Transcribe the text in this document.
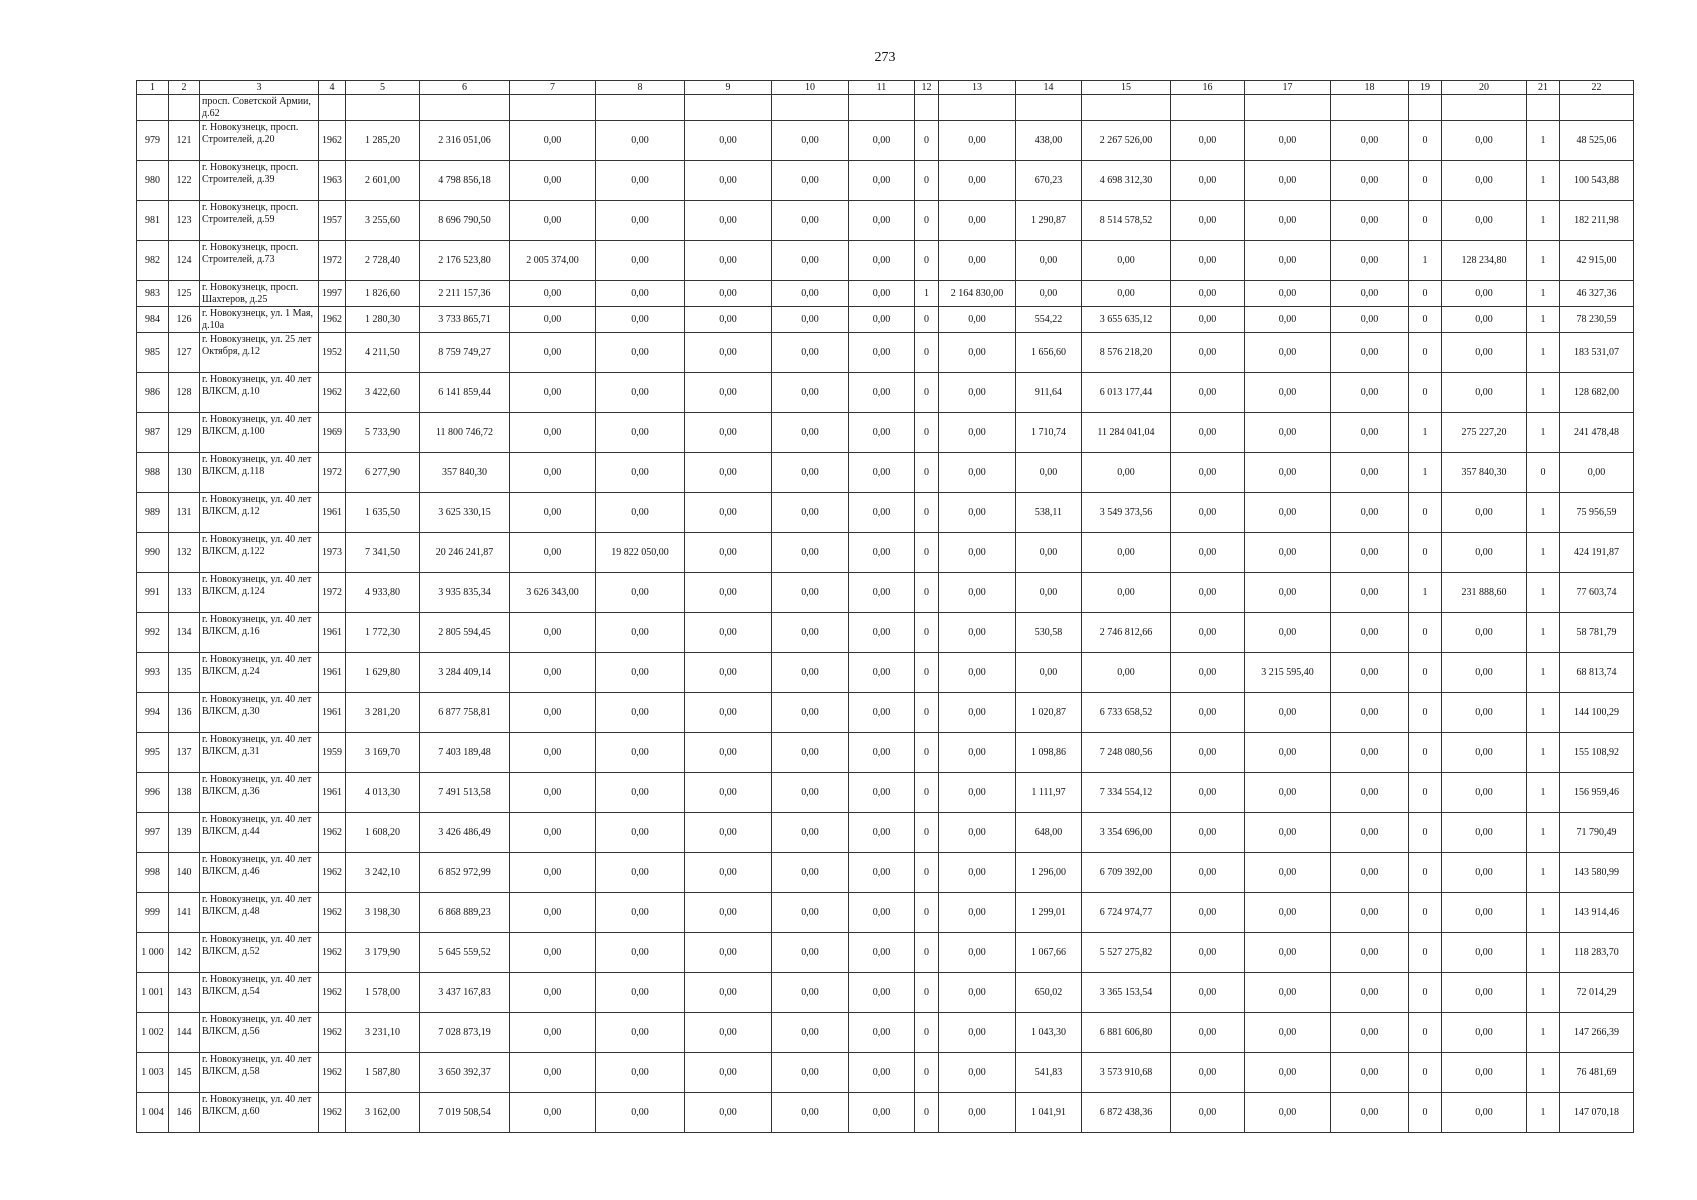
273
1	2	3	4	5	6	7	8	9	10	11	12	13	14	15	16	17	18	19	20	21	22
		просп. Советской Армии, д.62																			
979	121	г. Новокузнецк, просп. Строителей, д.20	1962	1 285,20	2 316 051,06	0,00	0,00	0,00	0,00	0,00	0	0,00	438,00	2 267 526,00	0,00	0,00	0,00	0	0,00	1	48 525,06
980	122	г. Новокузнецк, просп. Строителей, д.39	1963	2 601,00	4 798 856,18	0,00	0,00	0,00	0,00	0,00	0	0,00	670,23	4 698 312,30	0,00	0,00	0,00	0	0,00	1	100 543,88
981	123	г. Новокузнецк, просп. Строителей, д.59	1957	3 255,60	8 696 790,50	0,00	0,00	0,00	0,00	0,00	0	0,00	1 290,87	8 514 578,52	0,00	0,00	0,00	0	0,00	1	182 211,98
982	124	г. Новокузнецк, просп. Строителей, д.73	1972	2 728,40	2 176 523,80	2 005 374,00	0,00	0,00	0,00	0,00	0	0,00	0,00	0,00	0,00	0,00	0,00	1	128 234,80	1	42 915,00
983	125	г. Новокузнецк, просп. Шахтеров, д.25	1997	1 826,60	2 211 157,36	0,00	0,00	0,00	0,00	0,00	1	2 164 830,00	0,00	0,00	0,00	0,00	0,00	0	0,00	1	46 327,36
984	126	г. Новокузнецк, ул. 1 Мая, д.10а	1962	1 280,30	3 733 865,71	0,00	0,00	0,00	0,00	0,00	0	0,00	554,22	3 655 635,12	0,00	0,00	0,00	0	0,00	1	78 230,59
985	127	г. Новокузнецк, ул. 25 лет Октября, д.12	1952	4 211,50	8 759 749,27	0,00	0,00	0,00	0,00	0,00	0	0,00	1 656,60	8 576 218,20	0,00	0,00	0,00	0	0,00	1	183 531,07
986	128	г. Новокузнецк, ул. 40 лет ВЛКСМ, д.10	1962	3 422,60	6 141 859,44	0,00	0,00	0,00	0,00	0,00	0	0,00	911,64	6 013 177,44	0,00	0,00	0,00	0	0,00	1	128 682,00
987	129	г. Новокузнецк, ул. 40 лет ВЛКСМ, д.100	1969	5 733,90	11 800 746,72	0,00	0,00	0,00	0,00	0,00	0	0,00	1 710,74	11 284 041,04	0,00	0,00	0,00	1	275 227,20	1	241 478,48
988	130	г. Новокузнецк, ул. 40 лет ВЛКСМ, д.118	1972	6 277,90	357 840,30	0,00	0,00	0,00	0,00	0,00	0	0,00	0,00	0,00	0,00	0,00	0,00	1	357 840,30	0	0,00
989	131	г. Новокузнецк, ул. 40 лет ВЛКСМ, д.12	1961	1 635,50	3 625 330,15	0,00	0,00	0,00	0,00	0,00	0	0,00	538,11	3 549 373,56	0,00	0,00	0,00	0	0,00	1	75 956,59
990	132	г. Новокузнецк, ул. 40 лет ВЛКСМ, д.122	1973	7 341,50	20 246 241,87	0,00	19 822 050,00	0,00	0,00	0,00	0	0,00	0,00	0,00	0,00	0,00	0,00	0	0,00	1	424 191,87
991	133	г. Новокузнецк, ул. 40 лет ВЛКСМ, д.124	1972	4 933,80	3 935 835,34	3 626 343,00	0,00	0,00	0,00	0,00	0	0,00	0,00	0,00	0,00	0,00	0,00	1	231 888,60	1	77 603,74
992	134	г. Новокузнецк, ул. 40 лет ВЛКСМ, д.16	1961	1 772,30	2 805 594,45	0,00	0,00	0,00	0,00	0,00	0	0,00	530,58	2 746 812,66	0,00	0,00	0,00	0	0,00	1	58 781,79
993	135	г. Новокузнецк, ул. 40 лет ВЛКСМ, д.24	1961	1 629,80	3 284 409,14	0,00	0,00	0,00	0,00	0,00	0	0,00	0,00	0,00	0,00	3 215 595,40	0,00	0	0,00	1	68 813,74
994	136	г. Новокузнецк, ул. 40 лет ВЛКСМ, д.30	1961	3 281,20	6 877 758,81	0,00	0,00	0,00	0,00	0,00	0	0,00	1 020,87	6 733 658,52	0,00	0,00	0,00	0	0,00	1	144 100,29
995	137	г. Новокузнецк, ул. 40 лет ВЛКСМ, д.31	1959	3 169,70	7 403 189,48	0,00	0,00	0,00	0,00	0,00	0	0,00	1 098,86	7 248 080,56	0,00	0,00	0,00	0	0,00	1	155 108,92
996	138	г. Новокузнецк, ул. 40 лет ВЛКСМ, д.36	1961	4 013,30	7 491 513,58	0,00	0,00	0,00	0,00	0,00	0	0,00	1 111,97	7 334 554,12	0,00	0,00	0,00	0	0,00	1	156 959,46
997	139	г. Новокузнецк, ул. 40 лет ВЛКСМ, д.44	1962	1 608,20	3 426 486,49	0,00	0,00	0,00	0,00	0,00	0	0,00	648,00	3 354 696,00	0,00	0,00	0,00	0	0,00	1	71 790,49
998	140	г. Новокузнецк, ул. 40 лет ВЛКСМ, д.46	1962	3 242,10	6 852 972,99	0,00	0,00	0,00	0,00	0,00	0	0,00	1 296,00	6 709 392,00	0,00	0,00	0,00	0	0,00	1	143 580,99
999	141	г. Новокузнецк, ул. 40 лет ВЛКСМ, д.48	1962	3 198,30	6 868 889,23	0,00	0,00	0,00	0,00	0,00	0	0,00	1 299,01	6 724 974,77	0,00	0,00	0,00	0	0,00	1	143 914,46
1 000	142	г. Новокузнецк, ул. 40 лет ВЛКСМ, д.52	1962	3 179,90	5 645 559,52	0,00	0,00	0,00	0,00	0,00	0	0,00	1 067,66	5 527 275,82	0,00	0,00	0,00	0	0,00	1	118 283,70
1 001	143	г. Новокузнецк, ул. 40 лет ВЛКСМ, д.54	1962	1 578,00	3 437 167,83	0,00	0,00	0,00	0,00	0,00	0	0,00	650,02	3 365 153,54	0,00	0,00	0,00	0	0,00	1	72 014,29
1 002	144	г. Новокузнецк, ул. 40 лет ВЛКСМ, д.56	1962	3 231,10	7 028 873,19	0,00	0,00	0,00	0,00	0,00	0	0,00	1 043,30	6 881 606,80	0,00	0,00	0,00	0	0,00	1	147 266,39
1 003	145	г. Новокузнецк, ул. 40 лет ВЛКСМ, д.58	1962	1 587,80	3 650 392,37	0,00	0,00	0,00	0,00	0,00	0	0,00	541,83	3 573 910,68	0,00	0,00	0,00	0	0,00	1	76 481,69
1 004	146	г. Новокузнецк, ул. 40 лет ВЛКСМ, д.60	1962	3 162,00	7 019 508,54	0,00	0,00	0,00	0,00	0,00	0	0,00	1 041,91	6 872 438,36	0,00	0,00	0,00	0	0,00	1	147 070,18
